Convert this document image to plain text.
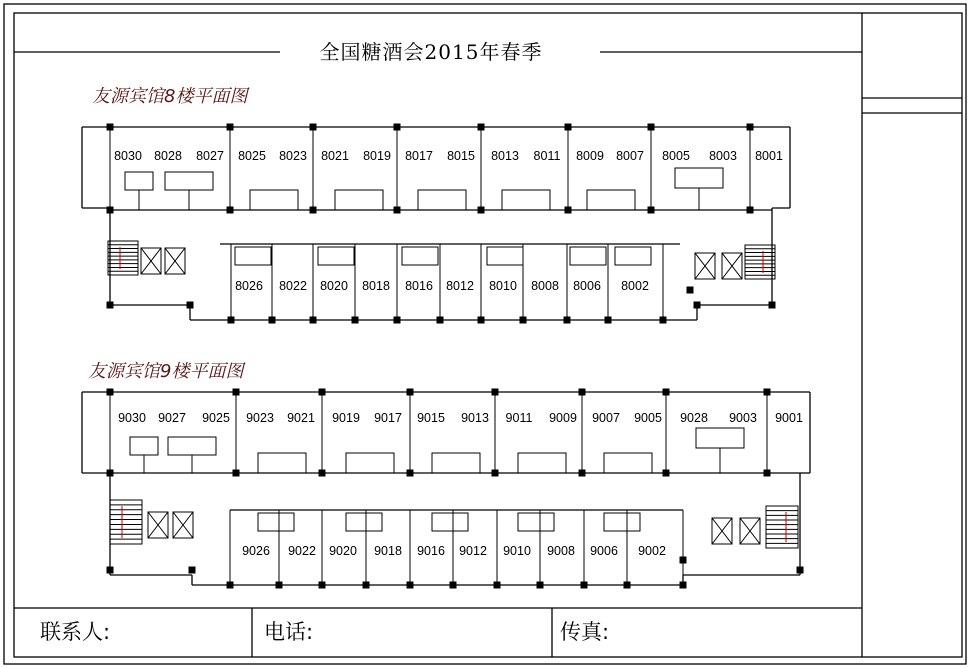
8030 8028 8027 8025 8023 8021 8019 8017 8015 8013 8011 8009 8007 8005 8003 8001
8026 8022 8020 8018 8016 8012 8010 8008 8006 8002
9030 9027 9025 9023 9021 9019 9017 9015 9013 9011 9009 9007 9005 9028 9003 9001
9026 9022 9020 9018 9016 9012 9010 9008 9006 9002
全国糖酒会2015年春季
友源宾馆8楼平面图
友源宾馆9楼平面图
联系人:	电话:	传真:
